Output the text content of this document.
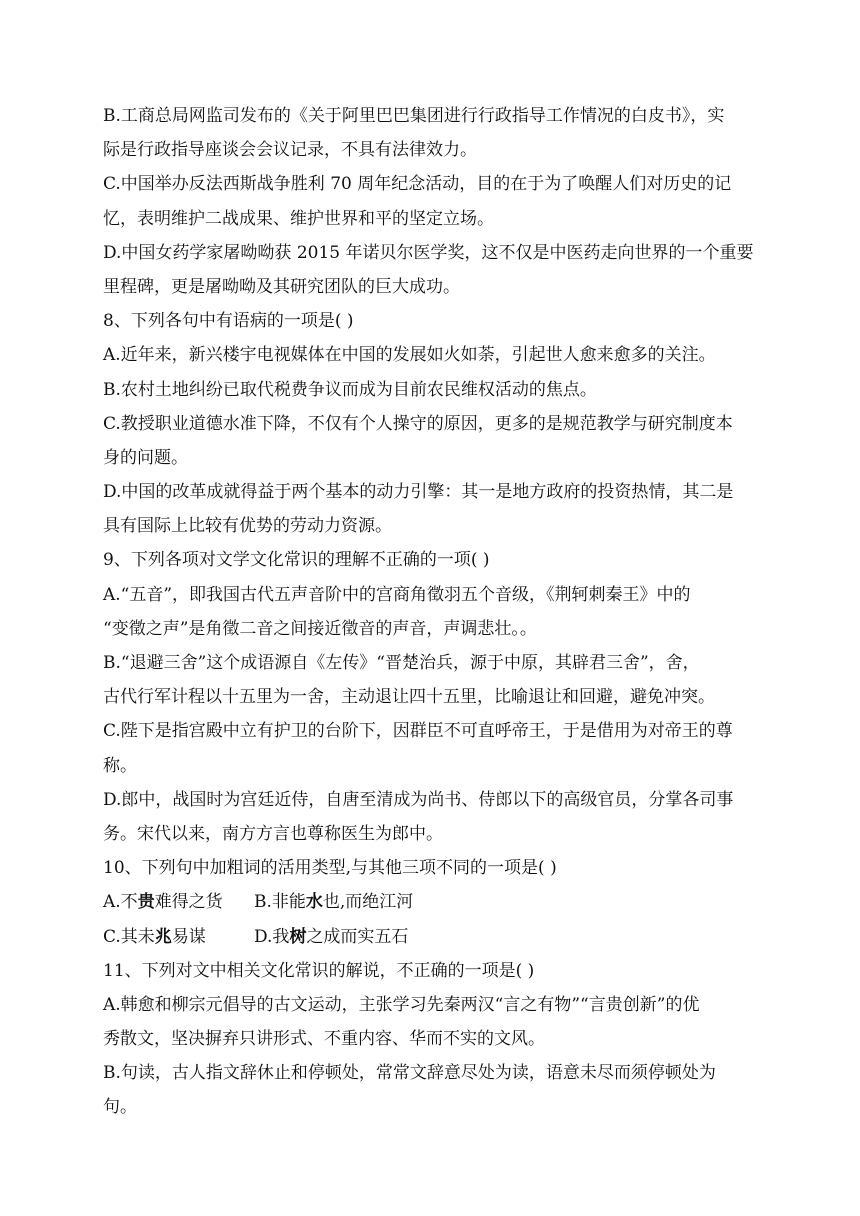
B.工商总局网监司发布的《关于阿里巴巴集团进行行政指导工作情况的白皮书》，实
际是行政指导座谈会会议记录，不具有法律效力。
C.中国举办反法西斯战争胜利 70 周年纪念活动，目的在于为了唤醒人们对历史的记
忆，表明维护二战成果、维护世界和平的坚定立场。
D.中国女药学家屠呦呦获 2015 年诺贝尔医学奖，这不仅是中医药走向世界的一个重要
里程碑，更是屠呦呦及其研究团队的巨大成功。
8、下列各句中有语病的一项是( )
A.近年来，新兴楼宇电视媒体在中国的发展如火如荼，引起世人愈来愈多的关注。
B.农村土地纠纷已取代税费争议而成为目前农民维权活动的焦点。
C.教授职业道德水准下降，不仅有个人操守的原因，更多的是规范教学与研究制度本
身的问题。
D.中国的改革成就得益于两个基本的动力引擎：其一是地方政府的投资热情，其二是
具有国际上比较有优势的劳动力资源。
9、下列各项对文学文化常识的理解不正确的一项( )
A.“五音”，即我国古代五声音阶中的宫商角徵羽五个音级，《荆轲刺秦王》中的
“变徵之声”是角徵二音之间接近徵音的声音，声调悲壮。。
B.“退避三舍”这个成语源自《左传》“晋楚治兵，源于中原，其辟君三舍”，舍，
古代行军计程以十五里为一舍，主动退让四十五里，比喻退让和回避，避免冲突。
C.陛下是指宫殿中立有护卫的台阶下，因群臣不可直呼帝王，于是借用为对帝王的尊
称。
D.郎中，战国时为宫廷近侍，自唐至清成为尚书、侍郎以下的高级官员，分掌各司事
务。宋代以来，南方方言也尊称医生为郎中。
10、下列句中加粗词的活用类型,与其他三项不同的一项是( )
A.不贵难得之货 B.非能水也,而绝江河
C.其未兆易谋	D.我树之成而实五石
11、下列对文中相关文化常识的解说，不正确的一项是( )
A.韩愈和柳宗元倡导的古文运动，主张学习先秦两汉“言之有物”“言贵创新”的优
秀散文，坚决摒弃只讲形式、不重内容、华而不实的文风。
B.句读，古人指文辞休止和停顿处，常常文辞意尽处为读，语意未尽而须停顿处为
句。
